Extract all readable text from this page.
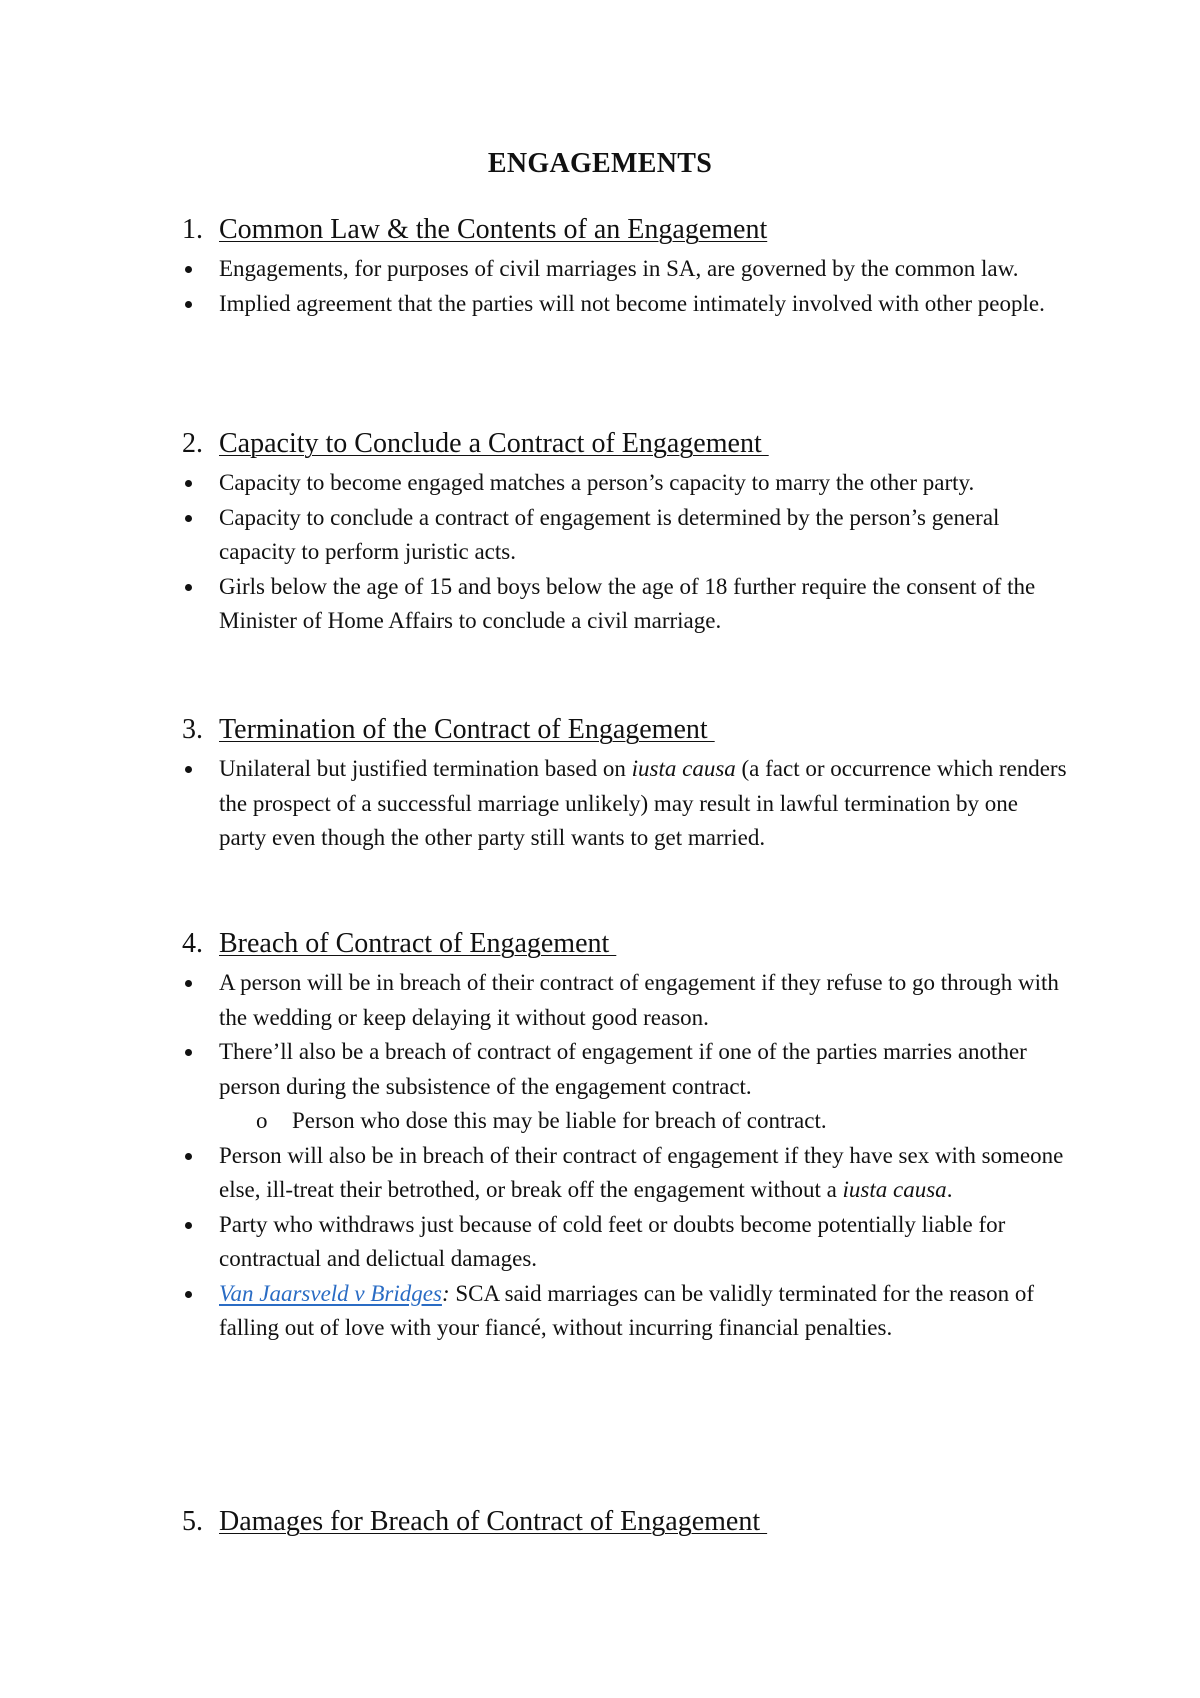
ENGAGEMENTS
1. Common Law & the Contents of an Engagement
Engagements, for purposes of civil marriages in SA, are governed by the common law.
Implied agreement that the parties will not become intimately involved with other people.
2. Capacity to Conclude a Contract of Engagement
Capacity to become engaged matches a person’s capacity to marry the other party.
Capacity to conclude a contract of engagement is determined by the person’s general capacity to perform juristic acts.
Girls below the age of 15 and boys below the age of 18 further require the consent of the Minister of Home Affairs to conclude a civil marriage.
3. Termination of the Contract of Engagement
Unilateral but justified termination based on iusta causa (a fact or occurrence which renders the prospect of a successful marriage unlikely) may result in lawful termination by one party even though the other party still wants to get married.
4. Breach of Contract of Engagement
A person will be in breach of their contract of engagement if they refuse to go through with the wedding or keep delaying it without good reason.
There’ll also be a breach of contract of engagement if one of the parties marries another person during the subsistence of the engagement contract.
o Person who dose this may be liable for breach of contract.
Person will also be in breach of their contract of engagement if they have sex with someone else, ill-treat their betrothed, or break off the engagement without a iusta causa.
Party who withdraws just because of cold feet or doubts become potentially liable for contractual and delictual damages.
Van Jaarsveld v Bridges: SCA said marriages can be validly terminated for the reason of falling out of love with your fiancé, without incurring financial penalties.
5. Damages for Breach of Contract of Engagement
